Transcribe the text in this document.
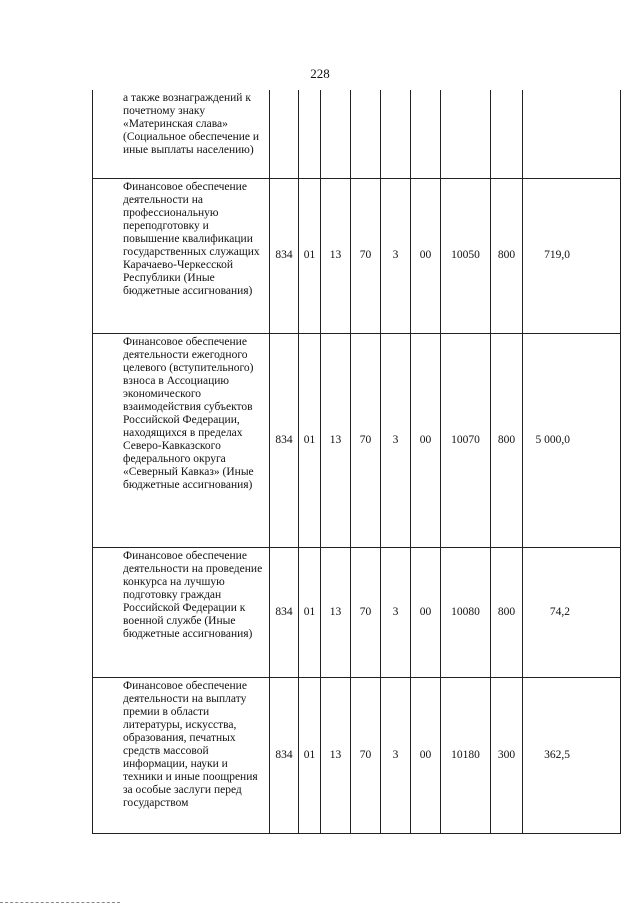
228
а также вознаграждений к почетному знаку «Материнская слава» (Социальное обеспечение и иные выплаты населению)									
Финансовое обеспечение деятельности на профессиональную переподготовку и повышение квалификации государственных служащих Карачаево-Черкесской Республики (Иные бюджетные ассигнования)	834	01	13	70	3	00	10050	800	719,0
Финансовое обеспечение деятельности ежегодного целевого (вступительного) взноса в Ассоциацию экономического взаимодействия субъектов Российской Федерации, находящихся в пределах Северо-Кавказского федерального округа «Северный Кавказ» (Иные бюджетные ассигнования)	834	01	13	70	3	00	10070	800	5 000,0
Финансовое обеспечение деятельности на проведение конкурса на лучшую подготовку граждан Российской Федерации к военной службе (Иные бюджетные ассигнования)	834	01	13	70	3	00	10080	800	74,2
Финансовое обеспечение деятельности на выплату премии в области литературы, искусства, образования, печатных средств массовой информации, науки и техники и иные поощрения за особые заслуги перед государством	834	01	13	70	3	00	10180	300	362,5
